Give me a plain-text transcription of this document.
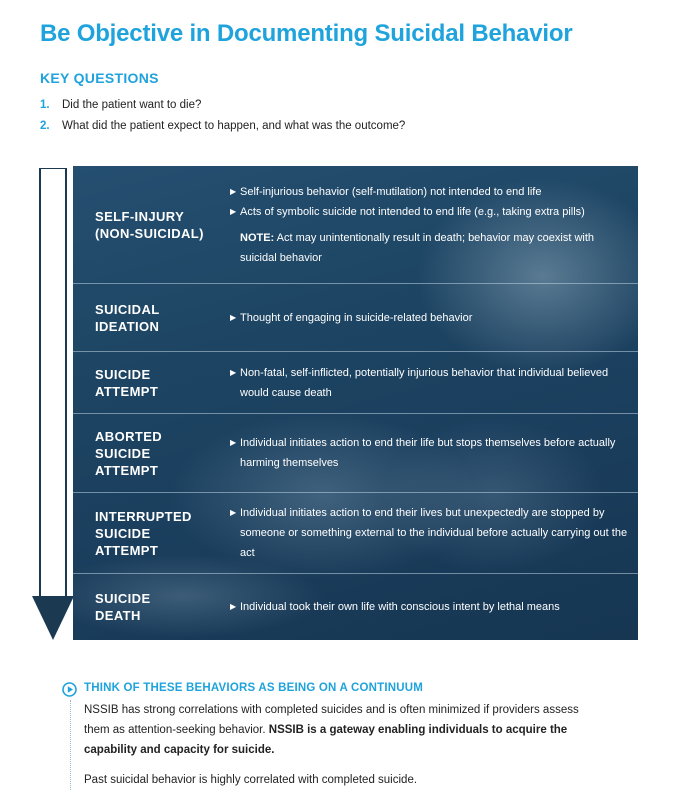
Be Objective in Documenting Suicidal Behavior
KEY QUESTIONS
1.	Did the patient want to die?
2.	What did the patient expect to happen, and what was the outcome?
SELF-INJURY
(NON-SUICIDAL)
▶ Self-injurious behavior (self-mutilation) not intended to end life
▶ Acts of symbolic suicide not intended to end life (e.g., taking extra pills)
NOTE: Act may unintentionally result in death; behavior may coexist with suicidal behavior
SUICIDAL
IDEATION
▶ Thought of engaging in suicide-related behavior
SUICIDE
ATTEMPT
▶ Non-fatal, self-inflicted, potentially injurious behavior that individual believed would cause death
ABORTED
SUICIDE
ATTEMPT
▶ Individual initiates action to end their life but stops themselves before actually harming themselves
INTERRUPTED
SUICIDE
ATTEMPT
▶ Individual initiates action to end their lives but unexpectedly are stopped by someone or something external to the individual before actually carrying out the act
SUICIDE
DEATH
▶ Individual took their own life with conscious intent by lethal means
THINK OF THESE BEHAVIORS AS BEING ON A CONTINUUM
NSSIB has strong correlations with completed suicides and is often minimized if providers assess them as attention-seeking behavior. NSSIB is a gateway enabling individuals to acquire the capability and capacity for suicide.
Past suicidal behavior is highly correlated with completed suicide.
